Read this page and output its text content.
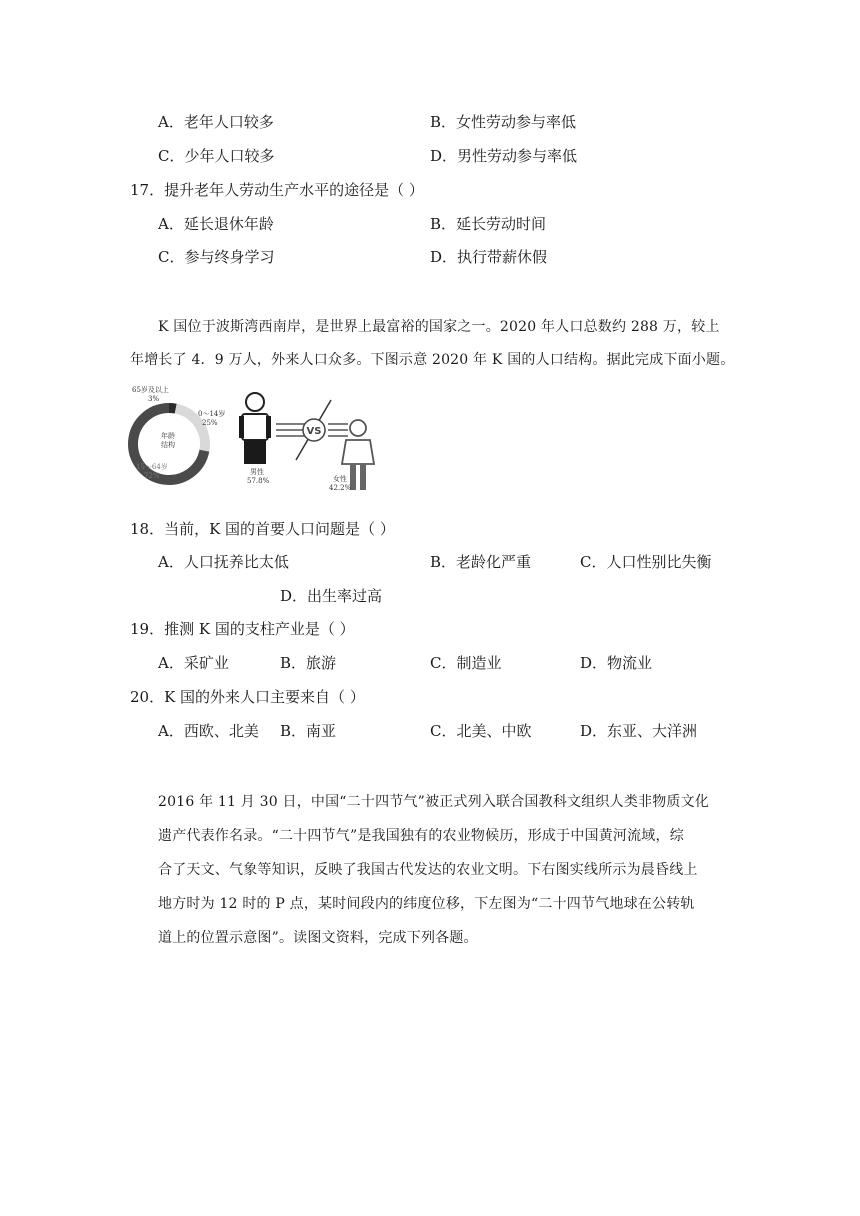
A．老年人口较多	B．女性劳动参与率低
C．少年人口较多	D．男性劳动参与率低
17．提升老年人劳动生产水平的途径是（ ）
A．延长退休年龄	B．延长劳动时间
C．参与终身学习	D．执行带薪休假
K 国位于波斯湾西南岸，是世界上最富裕的国家之一。2020 年人口总数约 288 万，较上
年增长了 4．9 万人，外来人口众多。下图示意 2020 年 K 国的人口结构。据此完成下面小题。
VS
65岁及以上
3%
0～14岁
25%
年龄
结构
15～64岁
72%	男性
57.8%	女性
42.2%
18．当前，K 国的首要人口问题是（ ）
A．人口抚养比太低	B．老龄化严重	C．人口性别比失衡
D．出生率过高
19．推测 K 国的支柱产业是（ ）
A．采矿业	B．旅游	C．制造业	D．物流业
20．K 国的外来人口主要来自（ ）
A．西欧、北美 B．南亚	C．北美、中欧	D．东亚、大洋洲
2016 年 11 月 30 日，中国“二十四节气”被正式列入联合国教科文组织人类非物质文化
遗产代表作名录。“二十四节气”是我国独有的农业物候历，形成于中国黄河流域，综
合了天文、气象等知识，反映了我国古代发达的农业文明。下右图实线所示为晨昏线上
地方时为 12 时的 P 点，某时间段内的纬度位移，下左图为“二十四节气地球在公转轨
道上的位置示意图”。读图文资料，完成下列各题。
